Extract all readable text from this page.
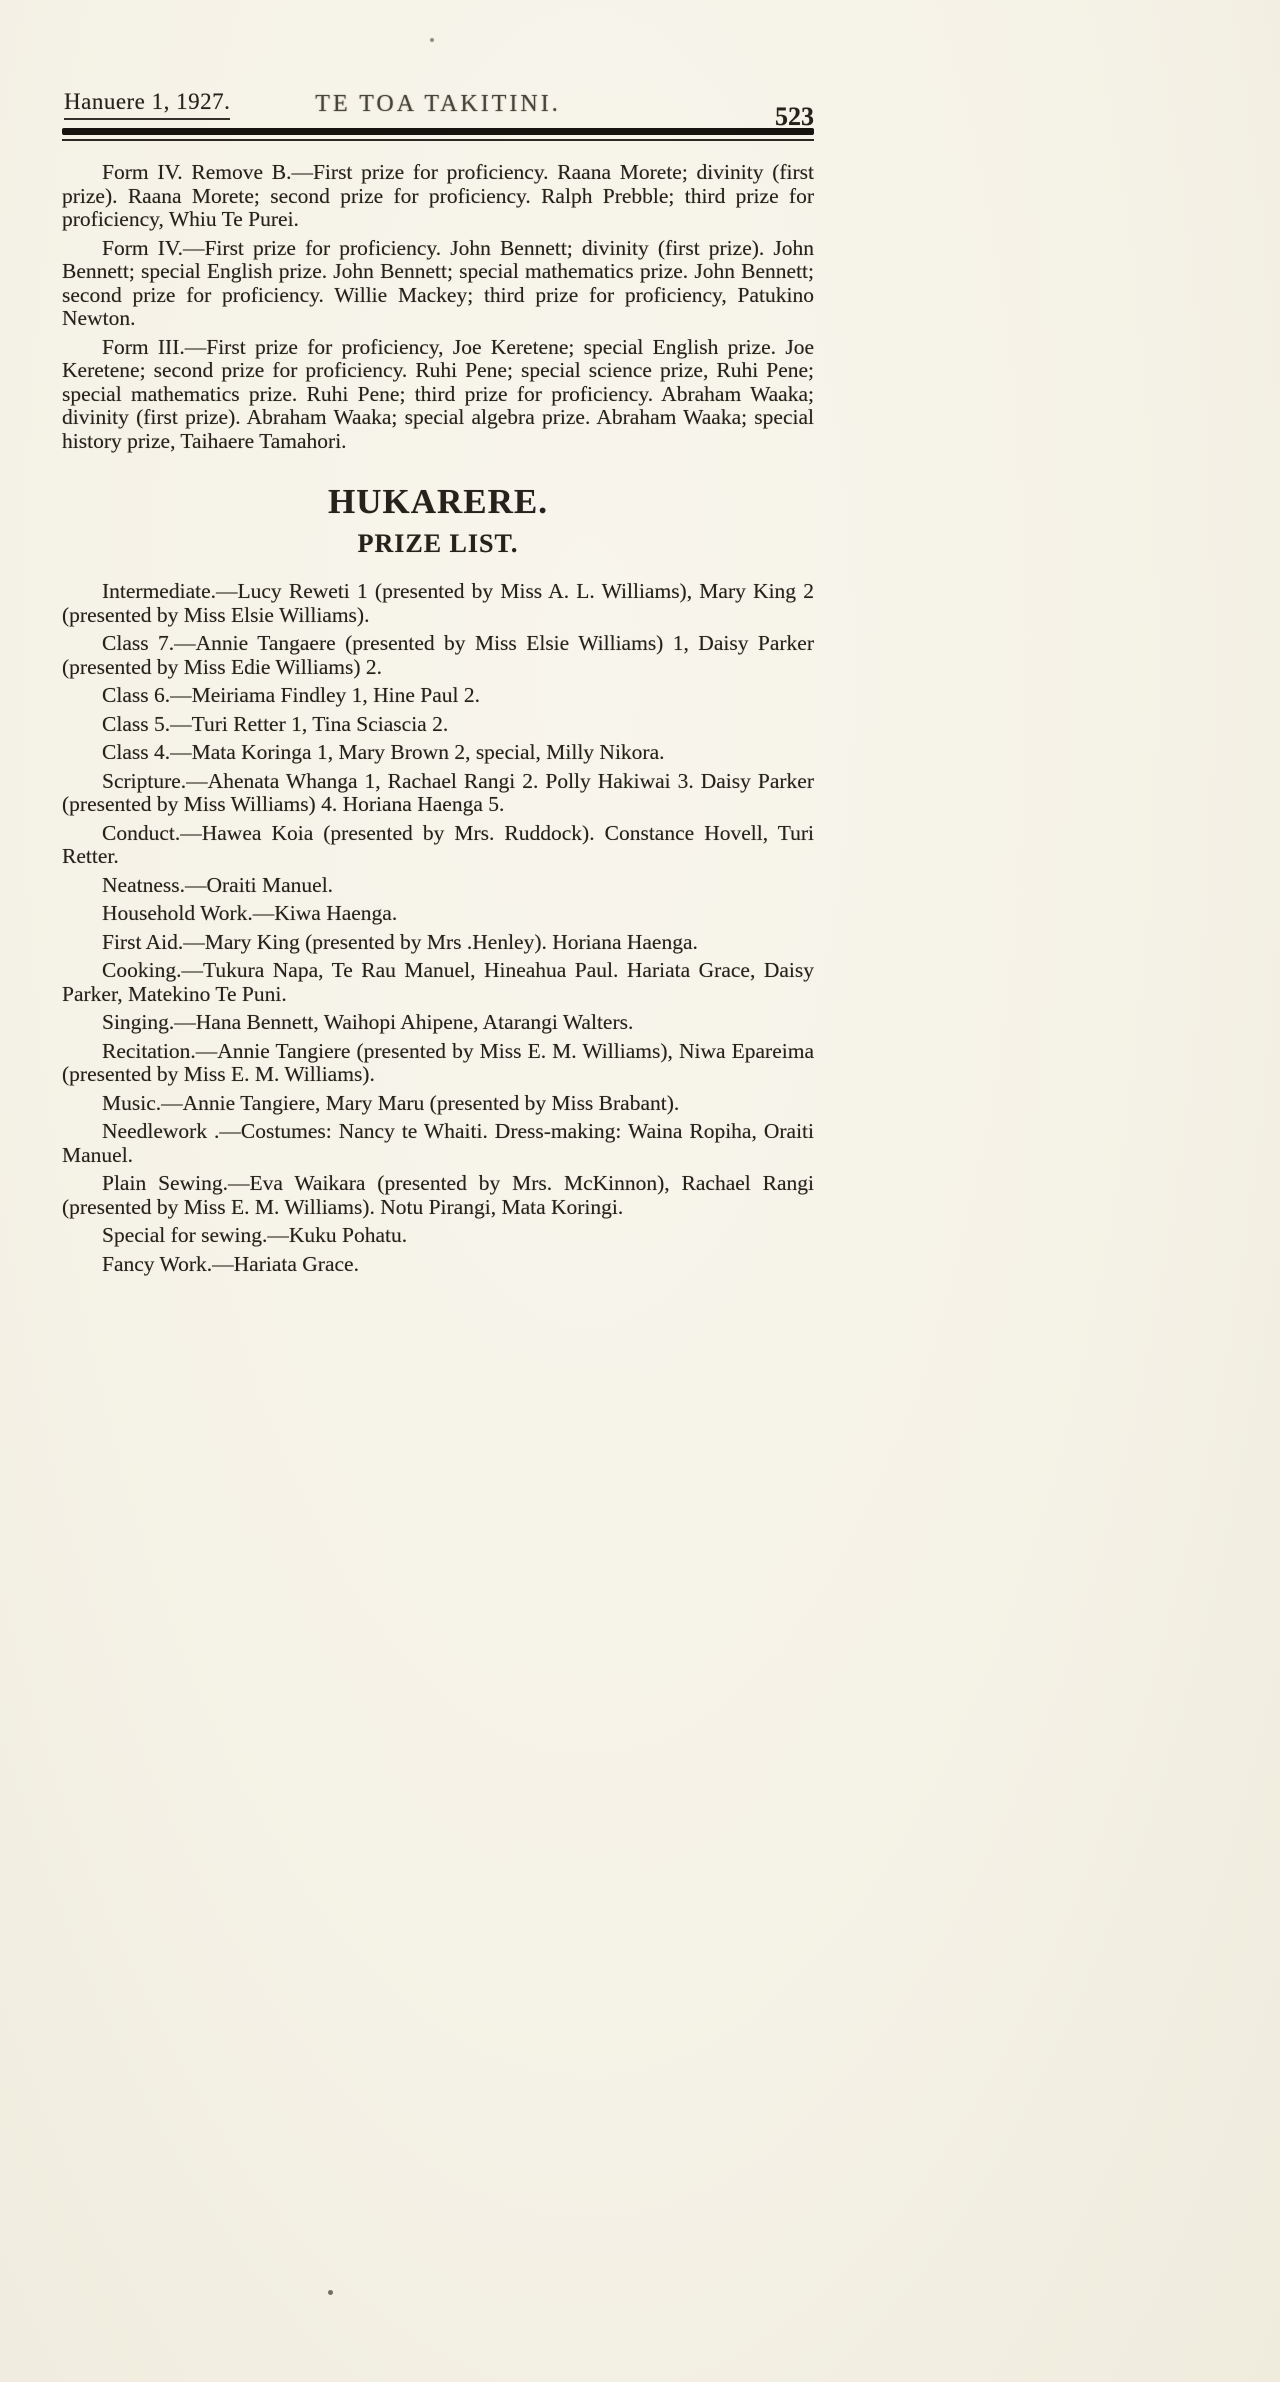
Hanuere 1, 1927.	TE TOA TAKITINI.	523

Form IV. Remove B.—First prize for proficiency. Raana Morete; divinity (first prize). Raana Morete; second prize for proficiency. Ralph Prebble; third prize for proficiency, Whiu Te Purei.

Form IV.—First prize for proficiency. John Bennett; divinity (first prize). John Bennett; special English prize. John Bennett; special mathematics prize. John Bennett; second prize for proficiency. Willie Mackey; third prize for proficiency, Patukino Newton.

Form III.—First prize for proficiency, Joe Keretene; special English prize. Joe Keretene; second prize for proficiency. Ruhi Pene; special science prize, Ruhi Pene; special mathematics prize. Ruhi Pene; third prize for proficiency. Abraham Waaka; divinity (first prize). Abraham Waaka; special algebra prize. Abraham Waaka; special history prize, Taihaere Tamahori.

HUKARERE.
PRIZE LIST.

Intermediate.—Lucy Reweti 1 (presented by Miss A. L. Williams), Mary King 2 (presented by Miss Elsie Williams).

Class 7.—Annie Tangaere (presented by Miss Elsie Williams) 1, Daisy Parker (presented by Miss Edie Williams) 2.

Class 6.—Meiriama Findley 1, Hine Paul 2.

Class 5.—Turi Retter 1, Tina Sciascia 2.

Class 4.—Mata Koringa 1, Mary Brown 2, special, Milly Nikora.

Scripture.—Ahenata Whanga 1, Rachael Rangi 2. Polly Hakiwai 3. Daisy Parker (presented by Miss Williams) 4. Horiana Haenga 5.

Conduct.—Hawea Koia (presented by Mrs. Ruddock). Constance Hovell, Turi Retter.

Neatness.—Oraiti Manuel.

Household Work.—Kiwa Haenga.

First Aid.—Mary King (presented by Mrs .Henley). Horiana Haenga.

Cooking.—Tukura Napa, Te Rau Manuel, Hineahua Paul. Hariata Grace, Daisy Parker, Matekino Te Puni.

Singing.—Hana Bennett, Waihopi Ahipene, Atarangi Walters.

Recitation.—Annie Tangiere (presented by Miss E. M. Williams), Niwa Epareima (presented by Miss E. M. Williams).

Music.—Annie Tangiere, Mary Maru (presented by Miss Brabant).

Needlework .—Costumes: Nancy te Whaiti. Dress-making: Waina Ropiha, Oraiti Manuel.

Plain Sewing.—Eva Waikara (presented by Mrs. McKinnon), Rachael Rangi (presented by Miss E. M. Williams). Notu Pirangi, Mata Koringi.

Special for sewing.—Kuku Pohatu.

Fancy Work.—Hariata Grace.
